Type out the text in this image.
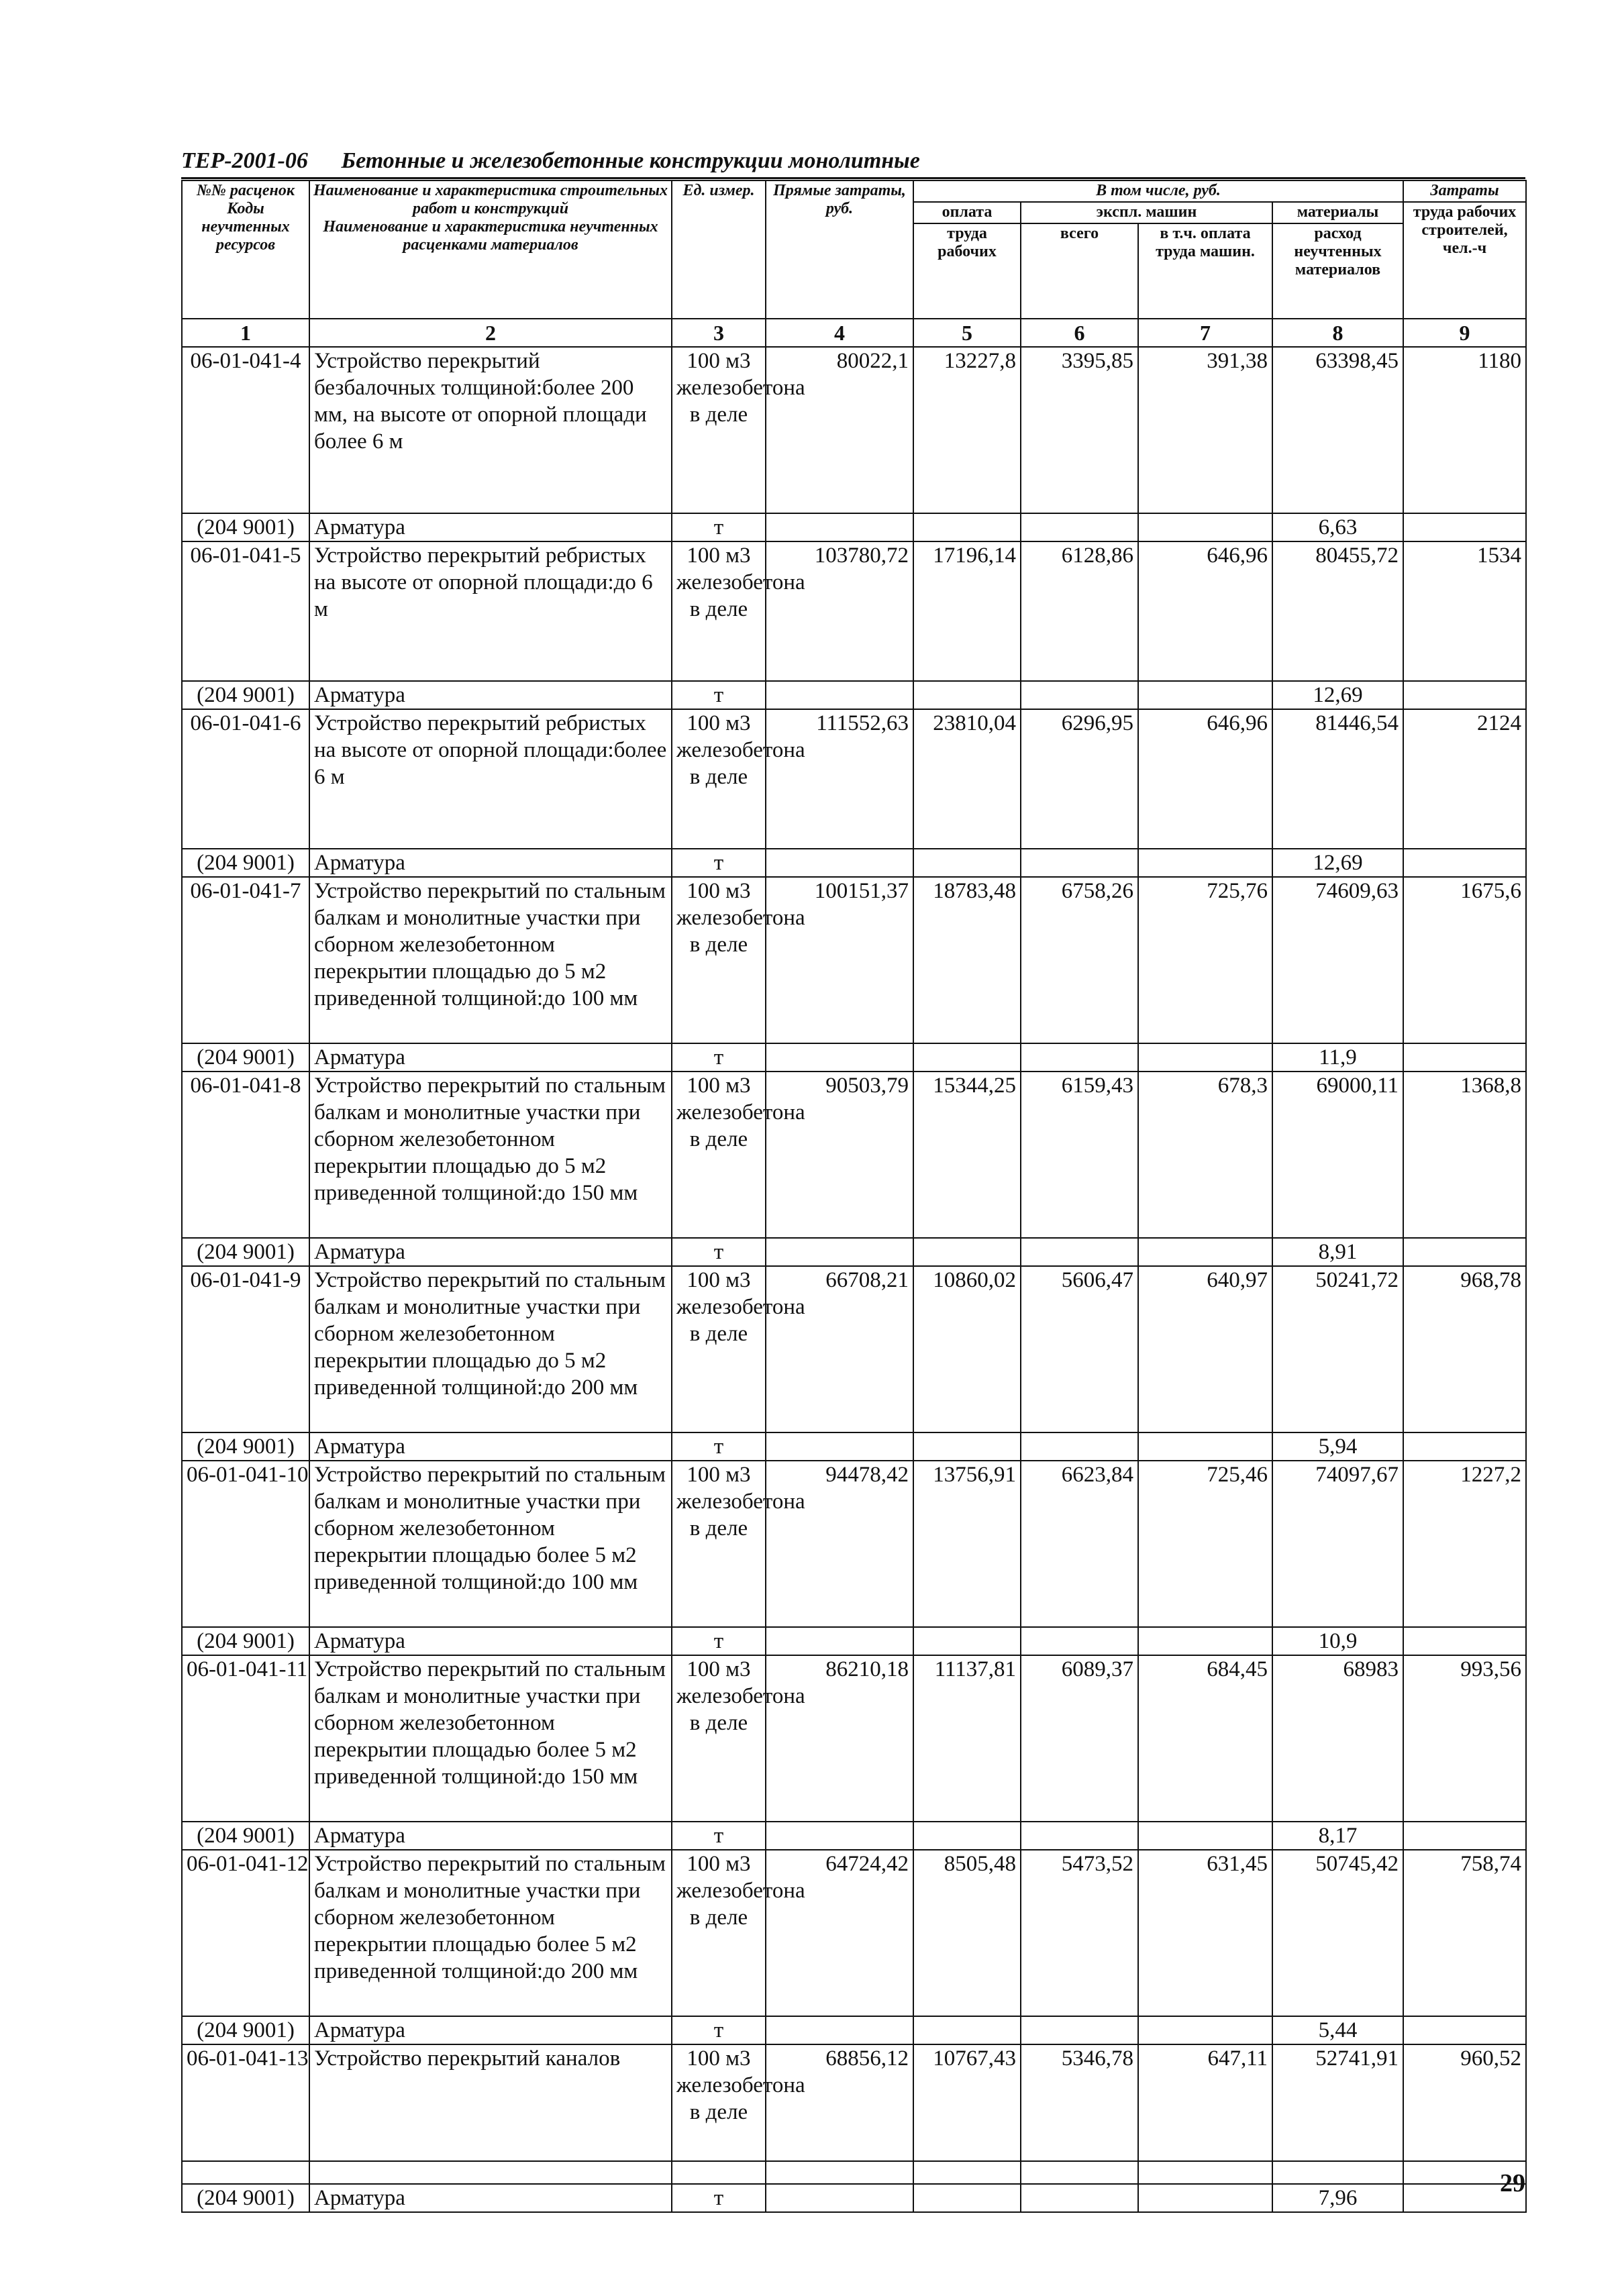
ТЕР-2001-06 Бетонные и железобетонные конструкции монолитные
№№ расценок
Коды неучтенных ресурсов	Наименование и характеристика строительных работ и конструкций
Наименование и характеристика неучтенных расценками материалов	Ед. измер.	Прямые затраты, руб.	В том числе, руб.				Затраты
				оплата	экспл. машин		материалы	труда рабочих строителей, чел.-ч
				труда рабочих	всего	в т.ч. оплата труда машин.	расход неучтенных материалов	
1	2	3	4	5	6	7	8	9
06-01-041-4	Устройство перекрытий безбалочных толщиной:более 200 мм, на высоте от опорной площади более 6 м	100 м3 железобетона в деле	80022,1	13227,8	3395,85	391,38	63398,45	1180
(204 9001)	Арматура	т					6,63	
06-01-041-5	Устройство перекрытий ребристых на высоте от опорной площади:до 6 м	100 м3 железобетона в деле	103780,72	17196,14	6128,86	646,96	80455,72	1534
(204 9001)	Арматура	т					12,69	
06-01-041-6	Устройство перекрытий ребристых на высоте от опорной площади:более 6 м	100 м3 железобетона в деле	111552,63	23810,04	6296,95	646,96	81446,54	2124
(204 9001)	Арматура	т					12,69	
06-01-041-7	Устройство перекрытий по стальным балкам и монолитные участки при сборном железобетонном перекрытии площадью до 5 м2 приведенной толщиной:до 100 мм	100 м3 железобетона в деле	100151,37	18783,48	6758,26	725,76	74609,63	1675,6
(204 9001)	Арматура	т					11,9	
06-01-041-8	Устройство перекрытий по стальным балкам и монолитные участки при сборном железобетонном перекрытии площадью до 5 м2 приведенной толщиной:до 150 мм	100 м3 железобетона в деле	90503,79	15344,25	6159,43	678,3	69000,11	1368,8
(204 9001)	Арматура	т					8,91	
06-01-041-9	Устройство перекрытий по стальным балкам и монолитные участки при сборном железобетонном перекрытии площадью до 5 м2 приведенной толщиной:до 200 мм	100 м3 железобетона в деле	66708,21	10860,02	5606,47	640,97	50241,72	968,78
(204 9001)	Арматура	т					5,94	
06-01-041-10	Устройство перекрытий по стальным балкам и монолитные участки при сборном железобетонном перекрытии площадью более 5 м2 приведенной толщиной:до 100 мм	100 м3 железобетона в деле	94478,42	13756,91	6623,84	725,46	74097,67	1227,2
(204 9001)	Арматура	т					10,9	
06-01-041-11	Устройство перекрытий по стальным балкам и монолитные участки при сборном железобетонном перекрытии площадью более 5 м2 приведенной толщиной:до 150 мм	100 м3 железобетона в деле	86210,18	11137,81	6089,37	684,45	68983	993,56
(204 9001)	Арматура	т					8,17	
06-01-041-12	Устройство перекрытий по стальным балкам и монолитные участки при сборном железобетонном перекрытии площадью более 5 м2 приведенной толщиной:до 200 мм	100 м3 железобетона в деле	64724,42	8505,48	5473,52	631,45	50745,42	758,74
(204 9001)	Арматура	т					5,44	
06-01-041-13	Устройство перекрытий каналов	100 м3 железобетона в деле	68856,12	10767,43	5346,78	647,11	52741,91	960,52
(204 9001)	Арматура	т					7,96	
29
